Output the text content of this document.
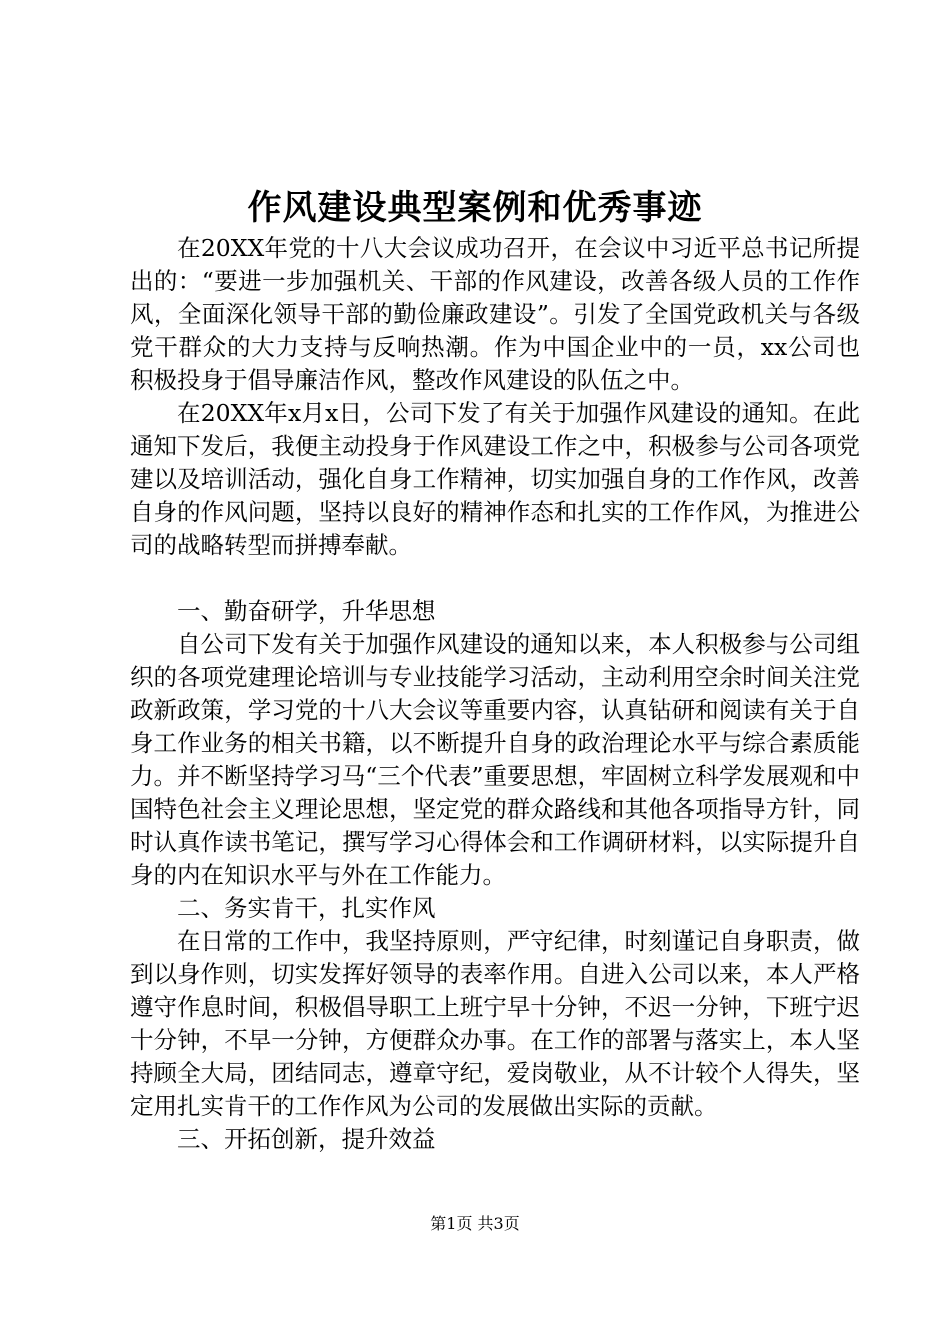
作风建设典型案例和优秀事迹

在20XX年党的十八大会议成功召开，在会议中习近平总书记所提出的：“要进一步加强机关、干部的作风建设，改善各级人员的工作作风，全面深化领导干部的勤俭廉政建设”。引发了全国党政机关与各级党干群众的大力支持与反响热潮。作为中国企业中的一员，xx公司也积极投身于倡导廉洁作风，整改作风建设的队伍之中。

在20XX年x月x日，公司下发了有关于加强作风建设的通知。在此通知下发后，我便主动投身于作风建设工作之中，积极参与公司各项党建以及培训活动，强化自身工作精神，切实加强自身的工作作风，改善自身的作风问题，坚持以良好的精神作态和扎实的工作作风，为推进公司的战略转型而拼搏奉献。

一、勤奋研学，升华思想

自公司下发有关于加强作风建设的通知以来，本人积极参与公司组织的各项党建理论培训与专业技能学习活动，主动利用空余时间关注党政新政策，学习党的十八大会议等重要内容，认真钻研和阅读有关于自身工作业务的相关书籍，以不断提升自身的政治理论水平与综合素质能力。并不断坚持学习马“三个代表”重要思想，牢固树立科学发展观和中国特色社会主义理论思想，坚定党的群众路线和其他各项指导方针，同时认真作读书笔记，撰写学习心得体会和工作调研材料，以实际提升自身的内在知识水平与外在工作能力。

二、务实肯干，扎实作风

在日常的工作中，我坚持原则，严守纪律，时刻谨记自身职责，做到以身作则，切实发挥好领导的表率作用。自进入公司以来，本人严格遵守作息时间，积极倡导职工上班宁早十分钟，不迟一分钟，下班宁迟十分钟，不早一分钟，方便群众办事。在工作的部署与落实上，本人坚持顾全大局，团结同志，遵章守纪，爱岗敬业，从不计较个人得失，坚定用扎实肯干的工作作风为公司的发展做出实际的贡献。

三、开拓创新，提升效益

第1页 共3页
